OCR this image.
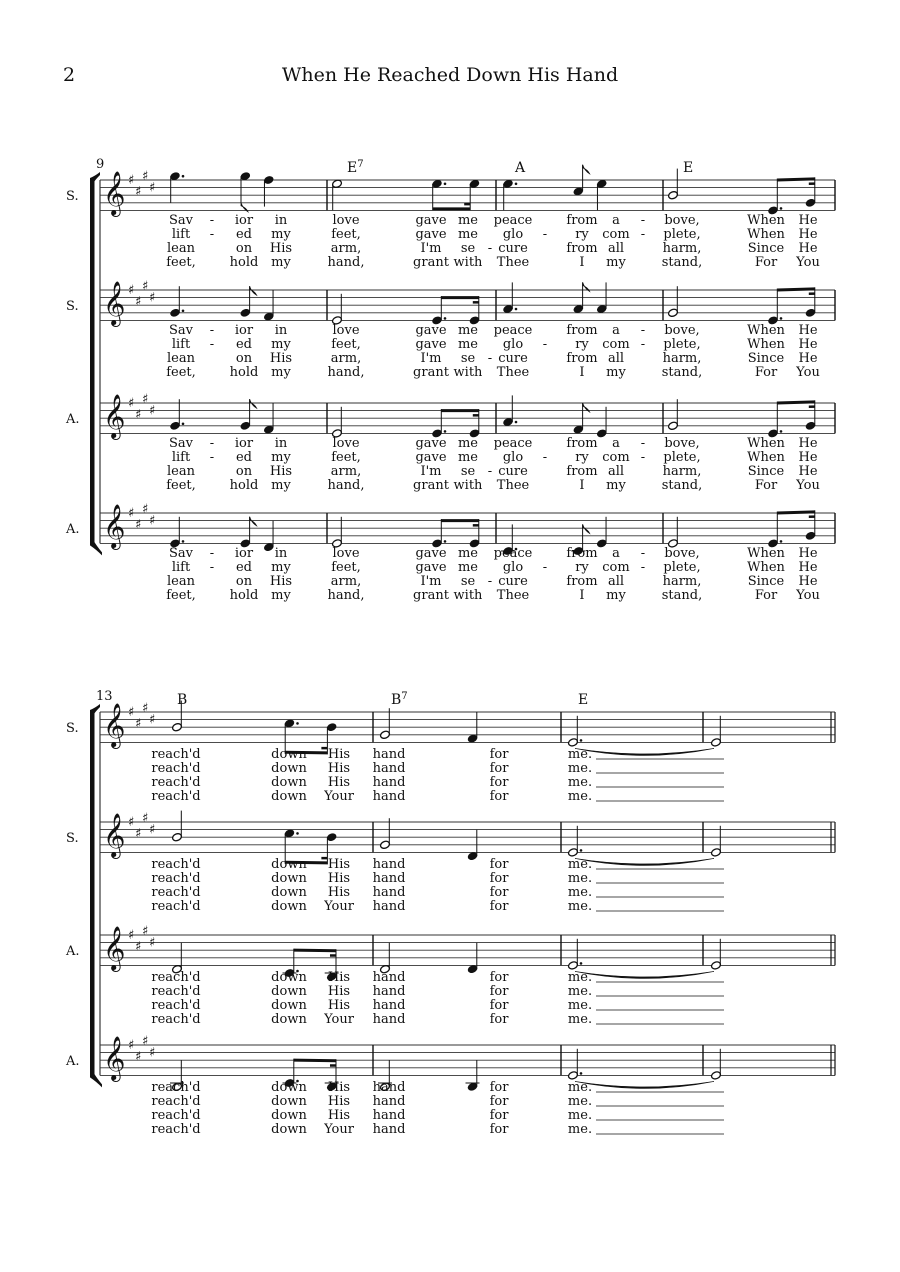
2	When He Reached Down His Hand
$E^7$	A	E
S. 𝄞 ♯
♯
♯
♯
Sav - ior in	love	gave me peace	from a - bove,	When He
lift - ed my	feet,	gave me glo - ry com - plete,	When He
lean	on His	arm,	I'm se cure	from all	harm,	Since He
-
feet,	hold my	hand,	grant with Thee	I my	stand,	For You
S. 𝄞 ♯
♯
♯
♯
Sav - ior in	love	gave me peace	from a - bove,	When He
lift - ed my	feet,	gave me glo - ry com - plete,	When He
lean	on His	arm,	I'm se cure	from all	harm,	Since He
-
feet,	hold my	hand,	grant with Thee	I my	stand,	For You
A. 𝄞 ♯
♯
♯
♯
Sav - ior in	love	gave me peace	from a - bove,	When He
lift - ed my	feet,	gave me glo - ry com - plete,	When He
lean	on His	arm,	I'm se cure	from all	harm,	Since He
-
feet,	hold my	hand,	grant with Thee	I my	stand,	For You
A. 𝄞 ♯
♯
♯
♯
Sav - ior in	love	gave me peace	from a - bove,	When He
lift - ed my	feet,	gave me glo - ry com - plete,	When He
lean	on His	arm,	I'm se cure	from all	harm,	Since He
-
feet,	hold my	hand,	grant with Thee	I my	stand,	For You
B	$B^7$	E
S. 𝄞 ♯
♯
♯
♯
reach'd	down His hand	for	me.
reach'd	down His hand	for	me.
reach'd	down His hand	for	me.
reach'd	down Your hand	for	me.
S. 𝄞 ♯
♯
♯
♯
reach'd	down His hand	for	me.
reach'd	down His hand	for	me.
reach'd	down His hand	for	me.
reach'd	down Your hand	for	me.
A. 𝄞 ♯
♯
♯
♯
reach'd	down His hand	for	me.
reach'd	down His hand	for	me.
reach'd	down His hand	for	me.
reach'd	down Your hand	for	me.
A. 𝄞 ♯
♯
♯
♯
reach'd	down His hand	for	me.
reach'd	down His hand	for	me.
reach'd	down His hand	for	me.
reach'd	down Your hand	for	me.
9
13
